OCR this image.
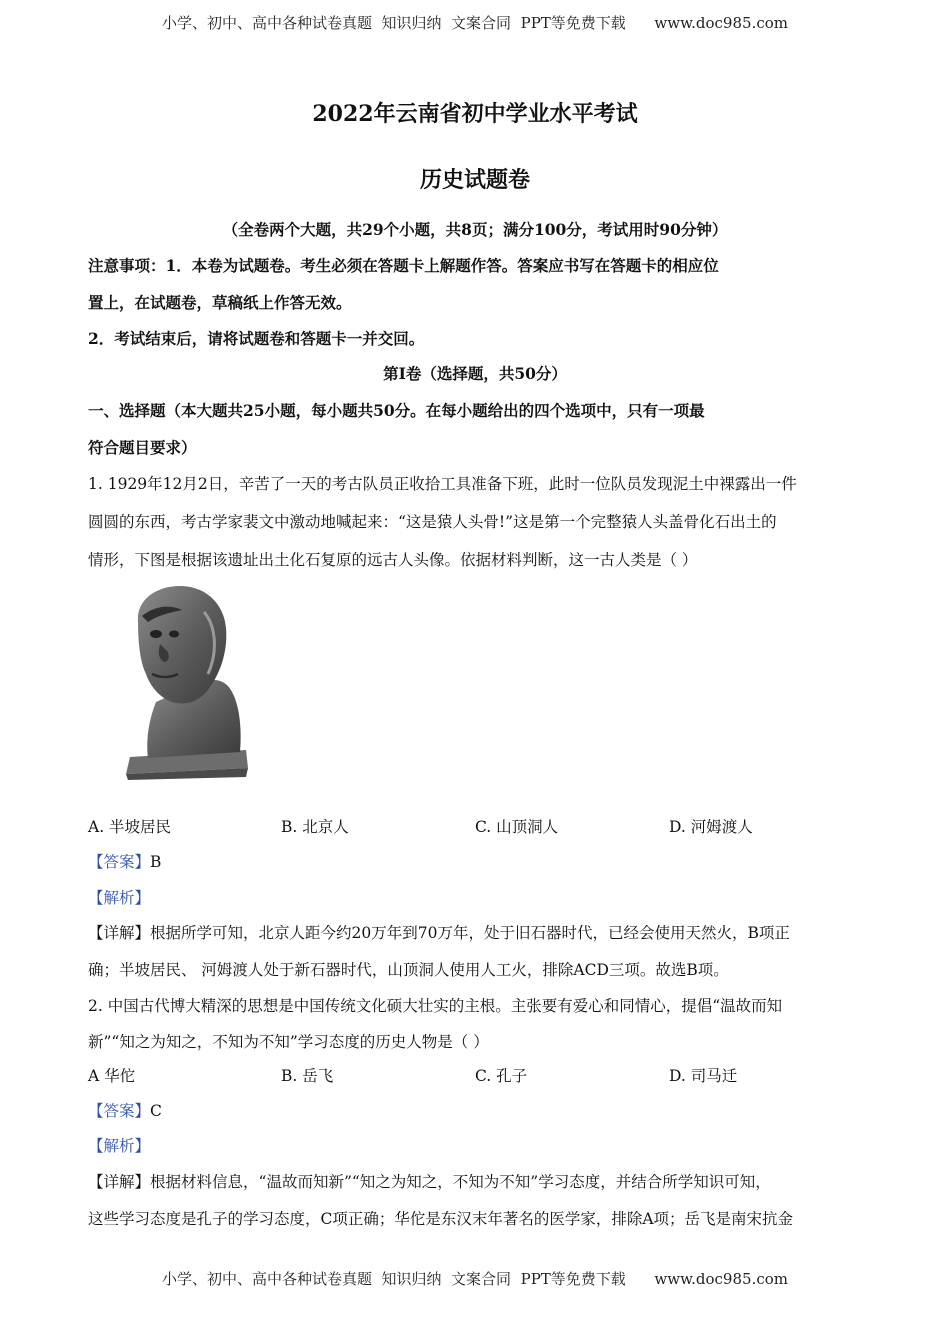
小学、初中、高中各种试卷真题  知识归纳  文案合同  PPT等免费下载      www.doc985.com
2022年云南省初中学业水平考试
历史试题卷
（全卷两个大题，共29个小题，共8页；满分100分，考试用时90分钟）
注意事项：1．本卷为试题卷。考生必须在答题卡上解题作答。答案应书写在答题卡的相应位
置上，在试题卷，草稿纸上作答无效。
2．考试结束后，请将试题卷和答题卡一并交回。
第Ⅰ卷（选择题，共50分）
一、选择题（本大题共25小题，每小题共50分。在每小题给出的四个选项中，只有一项最
符合题目要求）
1. 1929年12月2日，辛苦了一天的考古队员正收拾工具准备下班，此时一位队员发现泥土中裸露出一件
圆圆的东西，考古学家裴文中激动地喊起来：“这是猿人头骨!”这是第一个完整猿人头盖骨化石出土的
情形，下图是根据该遗址出土化石复原的远古人头像。依据材料判断，这一古人类是（ ）
A. 半坡居民	B. 北京人	C. 山顶洞人	D. 河姆渡人
【答案】B
【解析】
【详解】根据所学可知，北京人距今约20万年到70万年，处于旧石器时代，已经会使用天然火，B项正
确；半坡居民、 河姆渡人处于新石器时代，山顶洞人使用人工火，排除ACD三项。故选B项。
2. 中国古代博大精深的思想是中国传统文化硕大壮实的主根。主张要有爱心和同情心，提倡“温故而知
新”“知之为知之，不知为不知”学习态度的历史人物是（ ）
A 华佗	B. 岳飞	C. 孔子	D. 司马迁
【答案】C
【解析】
【详解】根据材料信息，“温故而知新”“知之为知之，不知为不知”学习态度，并结合所学知识可知，
这些学习态度是孔子的学习态度，C项正确；华佗是东汉末年著名的医学家，排除A项；岳飞是南宋抗金
小学、初中、高中各种试卷真题  知识归纳  文案合同  PPT等免费下载      www.doc985.com
